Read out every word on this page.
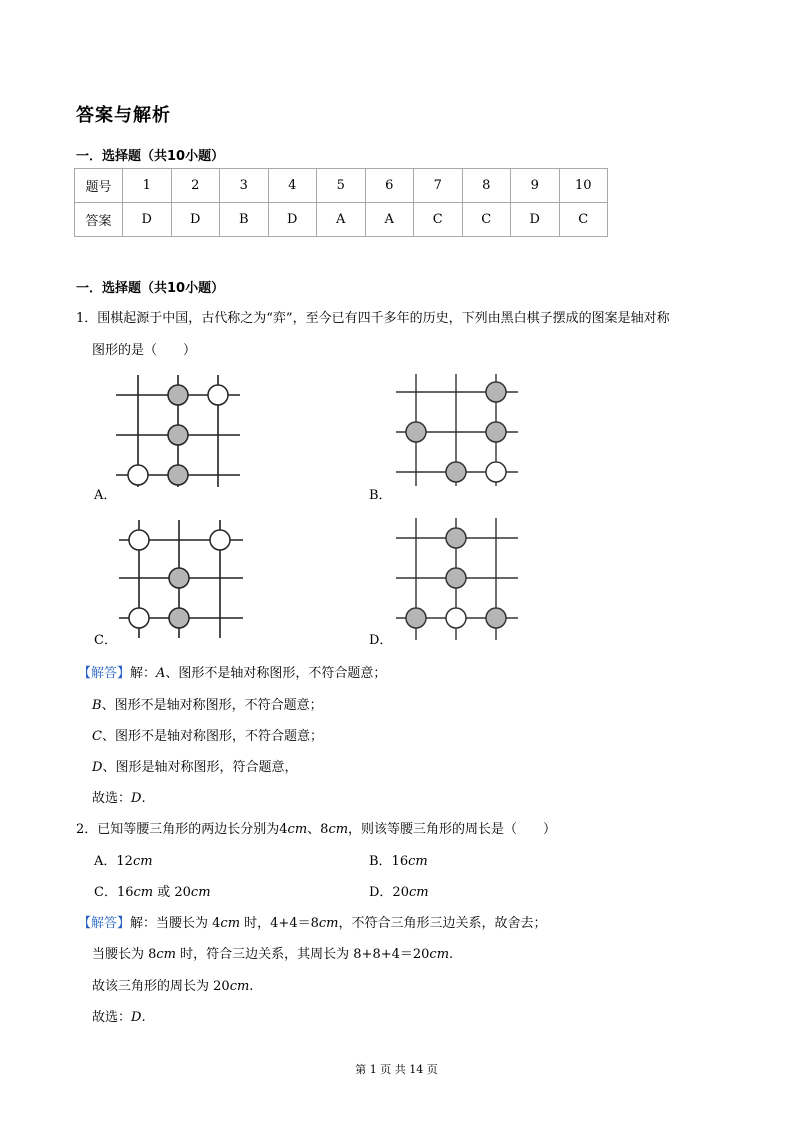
答案与解析
一．选择题（共10小题）
题号	1	2	3	4	5	6	7	8	9	10
答案	D	D	B	D	A	A	C	C	D	C
一．选择题（共10小题）
1．围棋起源于中国，古代称之为“弈”，至今已有四千多年的历史，下列由黑白棋子摆成的图案是轴对称
图形的是（　　）
A．	B．
C．	D．
【解答】解：A、图形不是轴对称图形，不符合题意；
B、图形不是轴对称图形，不符合题意；
C、图形不是轴对称图形，不符合题意；
D、图形是轴对称图形，符合题意，
故选：D.
2．已知等腰三角形的两边长分别为4cm、8cm，则该等腰三角形的周长是（　　）
A．12cm	B．16cm
C．16cm 或 20cm	D．20cm
【解答】解：当腰长为 4cm 时，4+4＝8cm，不符合三角形三边关系，故舍去；
当腰长为 8cm 时，符合三边关系，其周长为 8+8+4＝20cm.
故该三角形的周长为 20cm.
故选：D.
第 1 页 共 14 页
